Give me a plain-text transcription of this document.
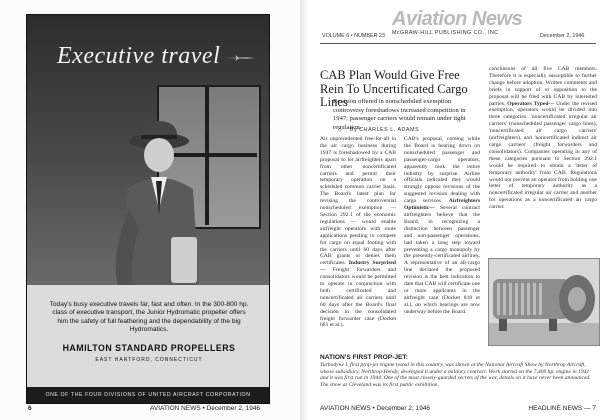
Executive travel
Today's busy executive travels far, fast and often. In the 300-800 hp. class of executive transport, the Junior Hydromatic propeller offers him the safety of full feathering and the dependability of the big Hydromatics.
HAMILTON STANDARD PROPELLERS
EAST HARTFORD, CONNECTICUT
ONE OF THE FOUR DIVISIONS OF UNITED AIRCRAFT CORPORATION
6	AVIATION NEWS • December 2, 1946
VOLUME 6 • NUMBER 23
Aviation News
McGRAW-HILL PUBLISHING CO., INC	December 2, 1946
CAB Plan Would Give Free Rein To Uncertificated Cargo Lines
Revision offered in nonscheduled exemption controversy foreshadows increased competition in 1947; passenger carriers would remain under tight regulation.
By CHARLES L. ADAMS
Air unprecedented free-for-all in the air cargo business during 1947 is foreshadowed by a CAB proposal to let airfreighters apart from other noncertificated carriers and permit their temporary operation on a scheduled common carrier basis. The Board's latest plan for revising the controversial nonscheduled exemption — Section 292.1 of the economic regulations — would enable airfreight operators with route applications pending to compete for cargo on equal footing with the carriers until 60 days after CAB grants or denies them certificates. Industry Surprised— Freight forwarders and consolidators would be permitted to operate in conjunction with both certificated and noncertificated air carriers until 60 days after the Board's final decision in the consolidated freight forwarder case (Docket 681 et al.).
CAB's proposal, coming while the Board is hearing down on nonscheduled passenger and passenger-cargo operators, apparently took the entire industry by surprise. Airline officials indicated they would strongly oppose revisions of the suggested revision dealing with cargo services. Airfreighters Optimistic— Several contract airfreighters believe that the Board, in recognizing a distinction between passenger and non-passenger operations, had taken a long step toward preventing a cargo monopoly by the presently-certificated airlines. A representative of an all-cargo line declared the proposed revision is the best indication to date that CAB will certificate one or more applicants in the airfreight case (Docket 810 et al.), on which hearings are now underway before the Board.
conclusions of all five CAB members. Therefore it is especially susceptible to further change before adoption. Written comments and briefs in support of or opposition to the proposal will be filed with CAB by interested parties. Operators Typed— Under the revised exemption, operators would be divided into three categories: 'noncertificated irregular air carriers' (nonscheduled passenger cargo lines), 'noncertificated air cargo carriers' (airfreighters), and 'noncertificated indirect air cargo carriers' (freight forwarders and consolidators). Companies operating in any of these categories pursuant to Section 292.1 would be required to obtain a 'letter of temporary authority' from CAB. Regulations would not prevent an operator from holding one letter of temporary authority as a noncertificated irregular air carrier and another for operations as a noncertificated air cargo carrier.
NATION'S FIRST PROP-JET:
Turbodyne I, first prop-jet engine tested in this country, was shown at the National Aircraft Show by Northrop Aircraft, whose subsidiary, Northrop-Hendy, developed it under a military contract. Work started on the 7,400 hp. engine in 1941 and it was first run in 1944. One of the most closely-guarded secrets of the war, details on it have never been announced. The show at Cleveland was its first public exhibition.
AVIATION NEWS • December 2, 1946	HEADLINE NEWS — 7
